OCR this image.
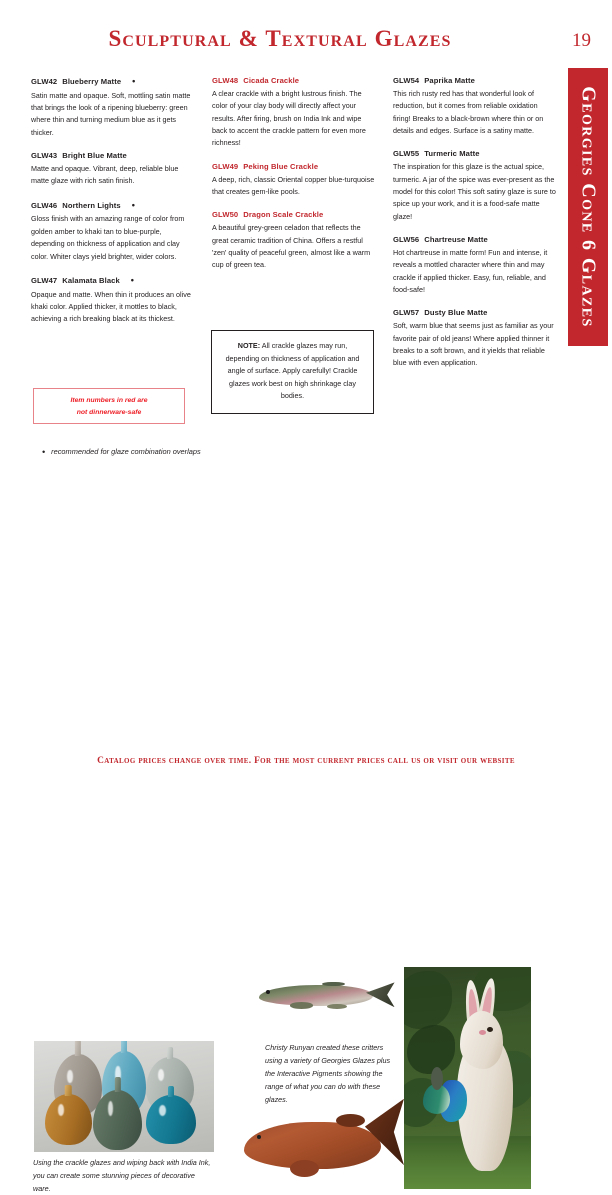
Sculptural & Textural Glazes	19
Georgies Cone 6 Glazes
GLW42 Blueberry Matte •
Satin matte and opaque. Soft, mottling satin matte that brings the look of a ripening blueberry: green where thin and turning medium blue as it gets thicker.
GLW43 Bright Blue Matte
Matte and opaque. Vibrant, deep, reliable blue matte glaze with rich satin finish.
GLW46 Northern Lights •
Gloss finish with an amazing range of color from golden amber to khaki tan to blue-purple, depending on thickness of application and clay color. Whiter clays yield brighter, wider colors.
GLW47 Kalamata Black •
Opaque and matte. When thin it produces an olive khaki color. Applied thicker, it mottles to black, achieving a rich breaking black at its thickest.
GLW48 Cicada Crackle
A clear crackle with a bright lustrous finish. The color of your clay body will directly affect your results. After firing, brush on India Ink and wipe back to accent the crackle pattern for even more richness!
GLW49 Peking Blue Crackle
A deep, rich, classic Oriental copper blue-turquoise that creates gem-like pools.
GLW50 Dragon Scale Crackle
A beautiful grey-green celadon that reflects the great ceramic tradition of China. Offers a restful 'zen' quality of peaceful green, almost like a warm cup of green tea.
GLW54 Paprika Matte
This rich rusty red has that wonderful look of reduction, but it comes from reliable oxidation firing! Breaks to a black-brown where thin or on details and edges. Surface is a satiny matte.
GLW55 Turmeric Matte
The inspiration for this glaze is the actual spice, turmeric. A jar of the spice was ever-present as the model for this color! This soft satiny glaze is sure to spice up your work, and it is a food-safe matte glaze!
GLW56 Chartreuse Matte
Hot chartreuse in matte form! Fun and intense, it reveals a mottled character where thin and may crackle if applied thicker. Easy, fun, reliable, and food-safe!
GLW57 Dusty Blue Matte
Soft, warm blue that seems just as familiar as your favorite pair of old jeans! Where applied thinner it breaks to a soft brown, and it yields that reliable blue with even application.
Item numbers in red are
not dinnerware-safe
NOTE: All crackle glazes may run, depending on thickness of application and angle of surface. Apply carefully! Crackle glazes work best on high shrinkage clay bodies.
• recommended for glaze combination overlaps
Christy Runyan created these critters using a variety of Georgies Glazes plus the Interactive Pigments showing the range of what you can do with these glazes.
Using the crackle glazes and wiping back with India Ink, you can create some stunning pieces of decorative ware.
Catalog prices change over time. For the most current prices call us or visit our website
